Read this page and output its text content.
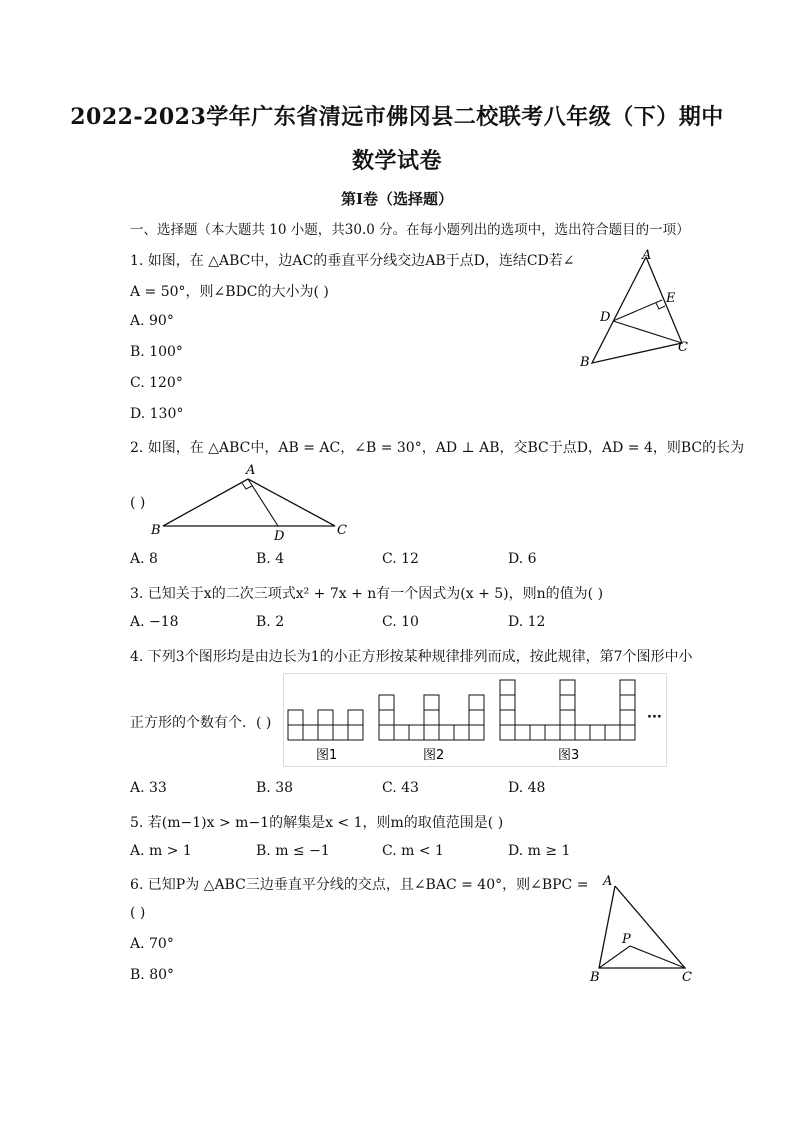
2022-2023学年广东省清远市佛冈县二校联考八年级（下）期中
数学试卷
第Ⅰ卷（选择题）
一、选择题（本大题共 10 小题，共30.0 分。在每小题列出的选项中，选出符合题目的一项）
1. 如图，在 △ABC中，边AC的垂直平分线交边AB于点D，连结CD若∠
A = 50°，则∠BDC的大小为( )
A. 90°
B. 100°
C. 120°
D. 130°
A
E
D
C
B
2. 如图，在 △ABC中，AB = AC，∠B = 30°，AD ⊥ AB，交BC于点D，AD = 4，则BC的长为
( )
A
B	D	C
A. 8	B. 4	C. 12	D. 6
3. 已知关于x的二次三项式x² + 7x + n有一个因式为(x + 5)，则n的值为( )
A. −18	B. 2	C. 10	D. 12
4. 下列3个图形均是由边长为1的小正方形按某种规律排列而成，按此规律，第7个图形中小
正方形的个数有个．( )
图1	图2	图3
···
A. 33	B. 38	C. 43	D. 48
5. 若(m−1)x > m−1的解集是x < 1，则m的取值范围是( )
A. m > 1	B. m ≤ −1	C. m < 1	D. m ≥ 1
6. 已知P为 △ABC三边垂直平分线的交点，且∠BAC = 40°，则∠BPC =
( )
A. 70°
B. 80°
A
P
B	C
